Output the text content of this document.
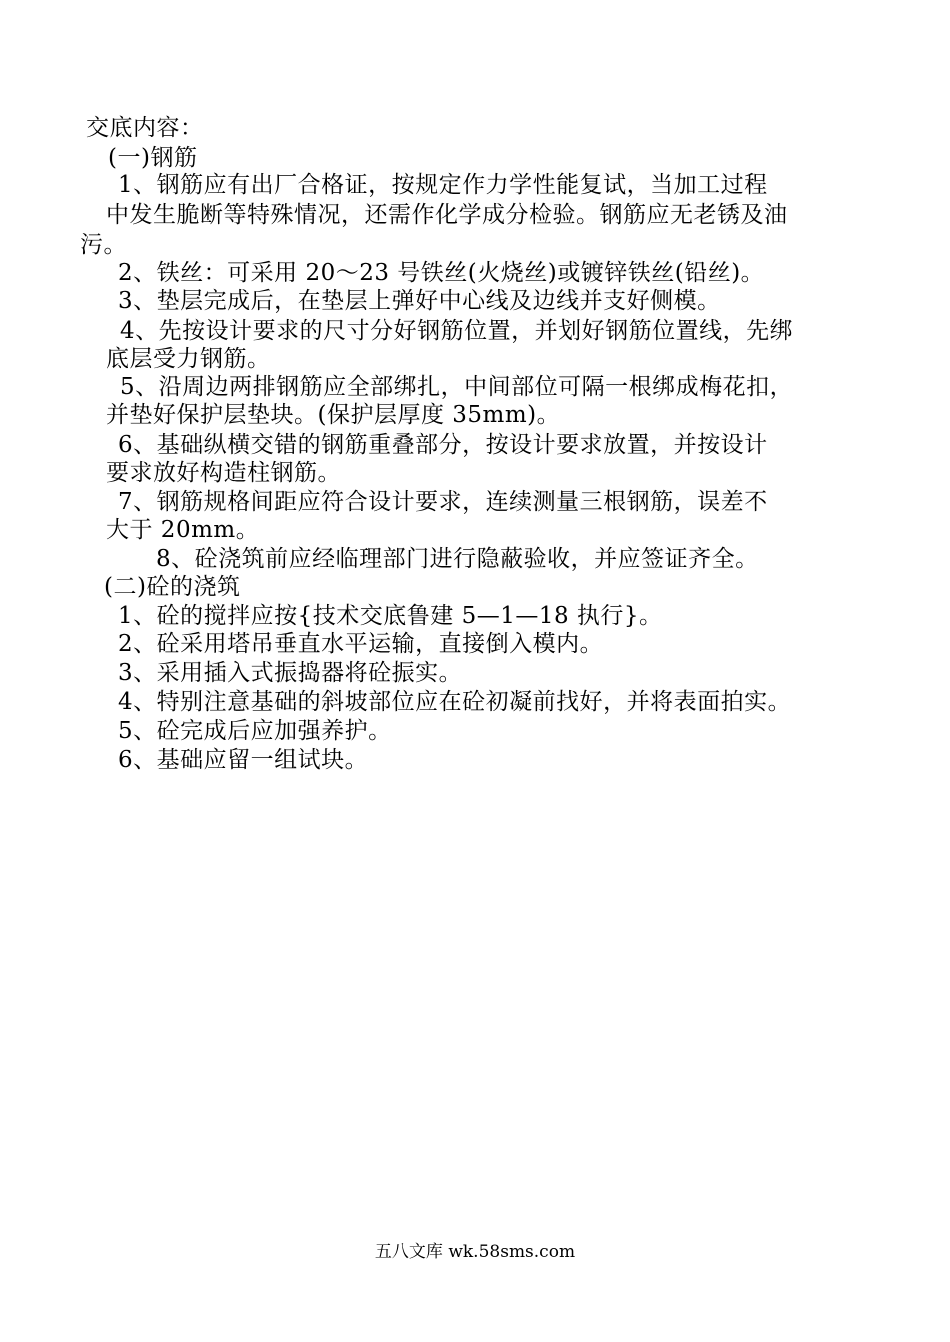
交底内容：
(一)钢筋
1、钢筋应有出厂合格证，按规定作力学性能复试，当加工过程
中发生脆断等特殊情况，还需作化学成分检验。钢筋应无老锈及油
污。
2、铁丝：可采用 20～23 号铁丝(火烧丝)或镀锌铁丝(铅丝)。
3、垫层完成后，在垫层上弹好中心线及边线并支好侧模。
4、先按设计要求的尺寸分好钢筋位置，并划好钢筋位置线，先绑
底层受力钢筋。
5、沿周边两排钢筋应全部绑扎，中间部位可隔一根绑成梅花扣，
并垫好保护层垫块。(保护层厚度 35mm)。
6、基础纵横交错的钢筋重叠部分，按设计要求放置，并按设计
要求放好构造柱钢筋。
7、钢筋规格间距应符合设计要求，连续测量三根钢筋，误差不
大于 20mm。
8、砼浇筑前应经临理部门进行隐蔽验收，并应签证齐全。
(二)砼的浇筑
1、砼的搅拌应按{技术交底鲁建 5—1—18 执行}。
2、砼采用塔吊垂直水平运输，直接倒入模内。
3、采用插入式振捣器将砼振实。
4、特别注意基础的斜坡部位应在砼初凝前找好，并将表面拍实。
5、砼完成后应加强养护。
6、基础应留一组试块。
五八文库 wk.58sms.com
